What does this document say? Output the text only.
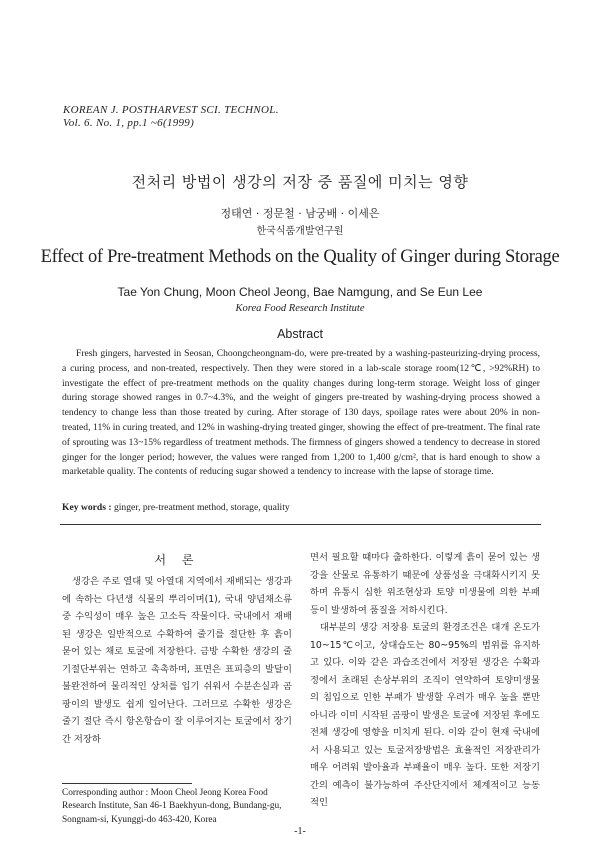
KOREAN J. POSTHARVEST SCI. TECHNOL.
Vol. 6. No. 1, pp.1 ~6(1999)
전처리 방법이 생강의 저장 중 품질에 미치는 영향
정태연 · 정문철 · 남궁배 · 이세은
한국식품개발연구원
Effect of Pre-treatment Methods on the Quality of Ginger during Storage
Tae Yon Chung, Moon Cheol Jeong, Bae Namgung, and Se Eun Lee
Korea Food Research Institute
Abstract

Fresh gingers, harvested in Seosan, Choongcheongnam-do, were pre-treated by a washing-pasteurizing-drying process, a curing process, and non-treated, respectively. Then they were stored in a lab-scale storage room(12℃, >92%RH) to investigate the effect of pre-treatment methods on the quality changes during long-term storage. Weight loss of ginger during storage showed ranges in 0.7~4.3%, and the weight of gingers pre-treated by washing-drying process showed a tendency to change less than those treated by curing. After storage of 130 days, spoilage rates were about 20% in non-treated, 11% in curing treated, and 12% in washing-drying treated ginger, showing the effect of pre-treatment. The final rate of sprouting was 13~15% regardless of treatment methods. The firmness of gingers showed a tendency to decrease in stored ginger for the longer period; however, the values were ranged from 1,200 to 1,400 g/cm², that is hard enough to show a marketable quality. The contents of reducing sugar showed a tendency to increase with the lapse of storage time.

Key words : ginger, pre-treatment method, storage, quality
서 론

생강은 주로 열대 및 아열대 지역에서 재배되는 생강과에 속하는 다년생 식물의 뿌리이며(1), 국내 양념채소류 중 수익성이 매우 높은 고소득 작물이다. 국내에서 재배된 생강은 일반적으로 수확하여 줄기를 절단한 후 흙이 묻어 있는 채로 토굴에 저장한다. 금방 수확한 생강의 줄기절단부위는 연하고 촉촉하며, 표면은 표피층의 발달이 불완전하여 물리적인 상처를 입기 쉬워서 수분손실과 곰팡이의 발생도 쉽게 일어난다. 그러므로 수확한 생강은 줄기 절단 즉시 항온항습이 잘 이루어지는 토굴에서 장기간 저장하

면서 필요할 때마다 출하한다. 이렇게 흙이 묻어 있는 생강을 산물로 유통하기 때문에 상품성을 극대화시키지 못하며 유통시 심한 위조현상과 토양 미생물에 의한 부패 등이 발생하여 품질을 저하시킨다.

대부분의 생강 저장용 토굴의 환경조건은 대개 온도가 10~15℃이고, 상대습도는 80~95%의 범위를 유지하고 있다. 이와 같은 과습조건에서 저장된 생강은 수확과정에서 초래된 손상부위의 조직이 연약하여 토양미생물의 침입으로 인한 부패가 발생할 우려가 매우 높을 뿐만 아니라 이미 시작된 곰팡이 발생은 토굴에 저장된 후에도 전체 생강에 영향을 미치게 된다. 이와 같이 현재 국내에서 사용되고 있는 토굴저장방법은 효율적인 저장관리가 매우 어려워 발아율과 부패율이 매우 높다. 또한 저장기간의 예측이 불가능하여 주산단지에서 체계적이고 능동적인

Corresponding author : Moon Cheol Jeong Korea Food Research Institute, San 46-1 Baekhyun-dong, Bundang-gu, Songnam-si, Kyunggi-do 463-420, Korea
-1-
